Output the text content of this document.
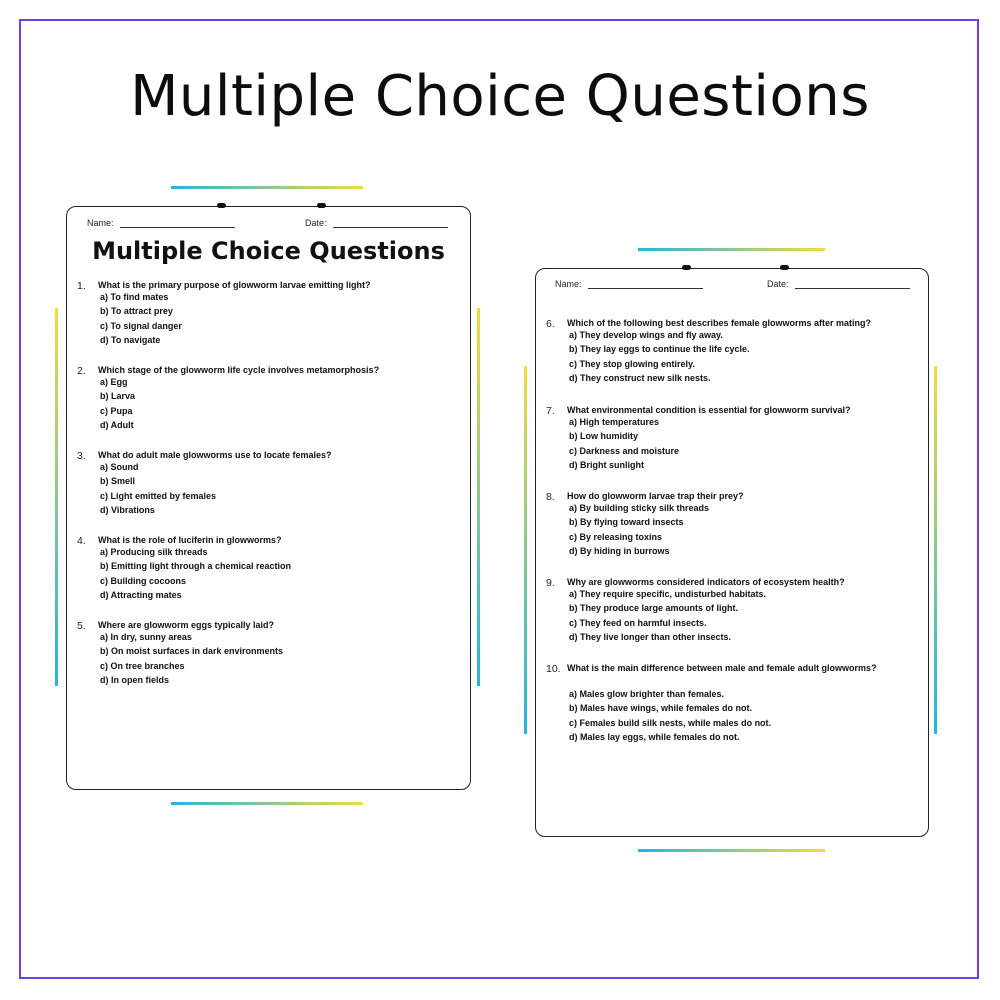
Multiple Choice Questions
Name:	Date:
Multiple Choice Questions
1. What is the primary purpose of glowworm larvae emitting light?
a) To find mates
b) To attract prey
c) To signal danger
d) To navigate
2. Which stage of the glowworm life cycle involves metamorphosis?
a) Egg
b) Larva
c) Pupa
d) Adult
3. What do adult male glowworms use to locate females?
a) Sound
b) Smell
c) Light emitted by females
d) Vibrations
4. What is the role of luciferin in glowworms?
a) Producing silk threads
b) Emitting light through a chemical reaction
c) Building cocoons
d) Attracting mates
5. Where are glowworm eggs typically laid?
a) In dry, sunny areas
b) On moist surfaces in dark environments
c) On tree branches
d) In open fields
Name:	Date:
6. Which of the following best describes female glowworms after mating?
a) They develop wings and fly away.
b) They lay eggs to continue the life cycle.
c) They stop glowing entirely.
d) They construct new silk nests.
7. What environmental condition is essential for glowworm survival?
a) High temperatures
b) Low humidity
c) Darkness and moisture
d) Bright sunlight
8. How do glowworm larvae trap their prey?
a) By building sticky silk threads
b) By flying toward insects
c) By releasing toxins
d) By hiding in burrows
9. Why are glowworms considered indicators of ecosystem health?
a) They require specific, undisturbed habitats.
b) They produce large amounts of light.
c) They feed on harmful insects.
d) They live longer than other insects.
10. What is the main difference between male and female adult glowworms?
a) Males glow brighter than females.
b) Males have wings, while females do not.
c) Females build silk nests, while males do not.
d) Males lay eggs, while females do not.
